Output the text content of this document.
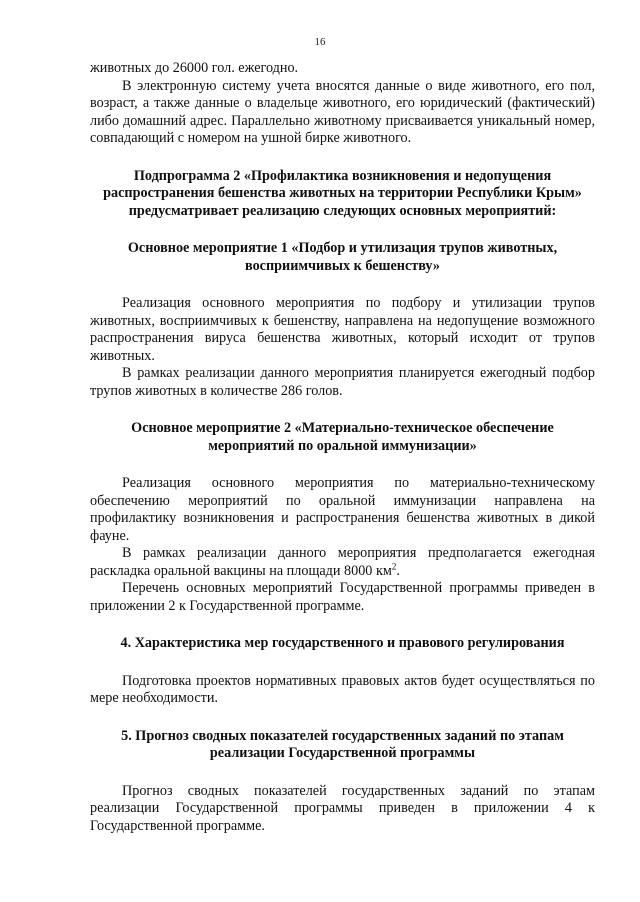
16

животных до 26000 гол. ежегодно.

В электронную систему учета вносятся данные о виде животного, его пол, возраст, а также данные о владельце животного, его юридический (фактический) либо домашний адрес. Параллельно животному присваивается уникальный номер, совпадающий с номером на ушной бирке животного.

Подпрограмма 2 «Профилактика возникновения и недопущения распространения бешенства животных на территории Республики Крым» предусматривает реализацию следующих основных мероприятий:

Основное мероприятие 1 «Подбор и утилизация трупов животных, восприимчивых к бешенству»

Реализация основного мероприятия по подбору и утилизации трупов животных, восприимчивых к бешенству, направлена на недопущение возможного распространения вируса бешенства животных, который исходит от трупов животных.

В рамках реализации данного мероприятия планируется ежегодный подбор трупов животных в количестве 286 голов.

Основное мероприятие 2 «Материально-техническое обеспечение мероприятий по оральной иммунизации»

Реализация основного мероприятия по материально-техническому обеспечению мероприятий по оральной иммунизации направлена на профилактику возникновения и распространения бешенства животных в дикой фауне.

В рамках реализации данного мероприятия предполагается ежегодная раскладка оральной вакцины на площади 8000 $км^2$.

Перечень основных мероприятий Государственной программы приведен в приложении 2 к Государственной программе.

4. Характеристика мер государственного и правового регулирования

Подготовка проектов нормативных правовых актов будет осуществляться по мере необходимости.

5. Прогноз сводных показателей государственных заданий по этапам реализации Государственной программы

Прогноз сводных показателей государственных заданий по этапам реализации Государственной программы приведен в приложении 4 к Государственной программе.
